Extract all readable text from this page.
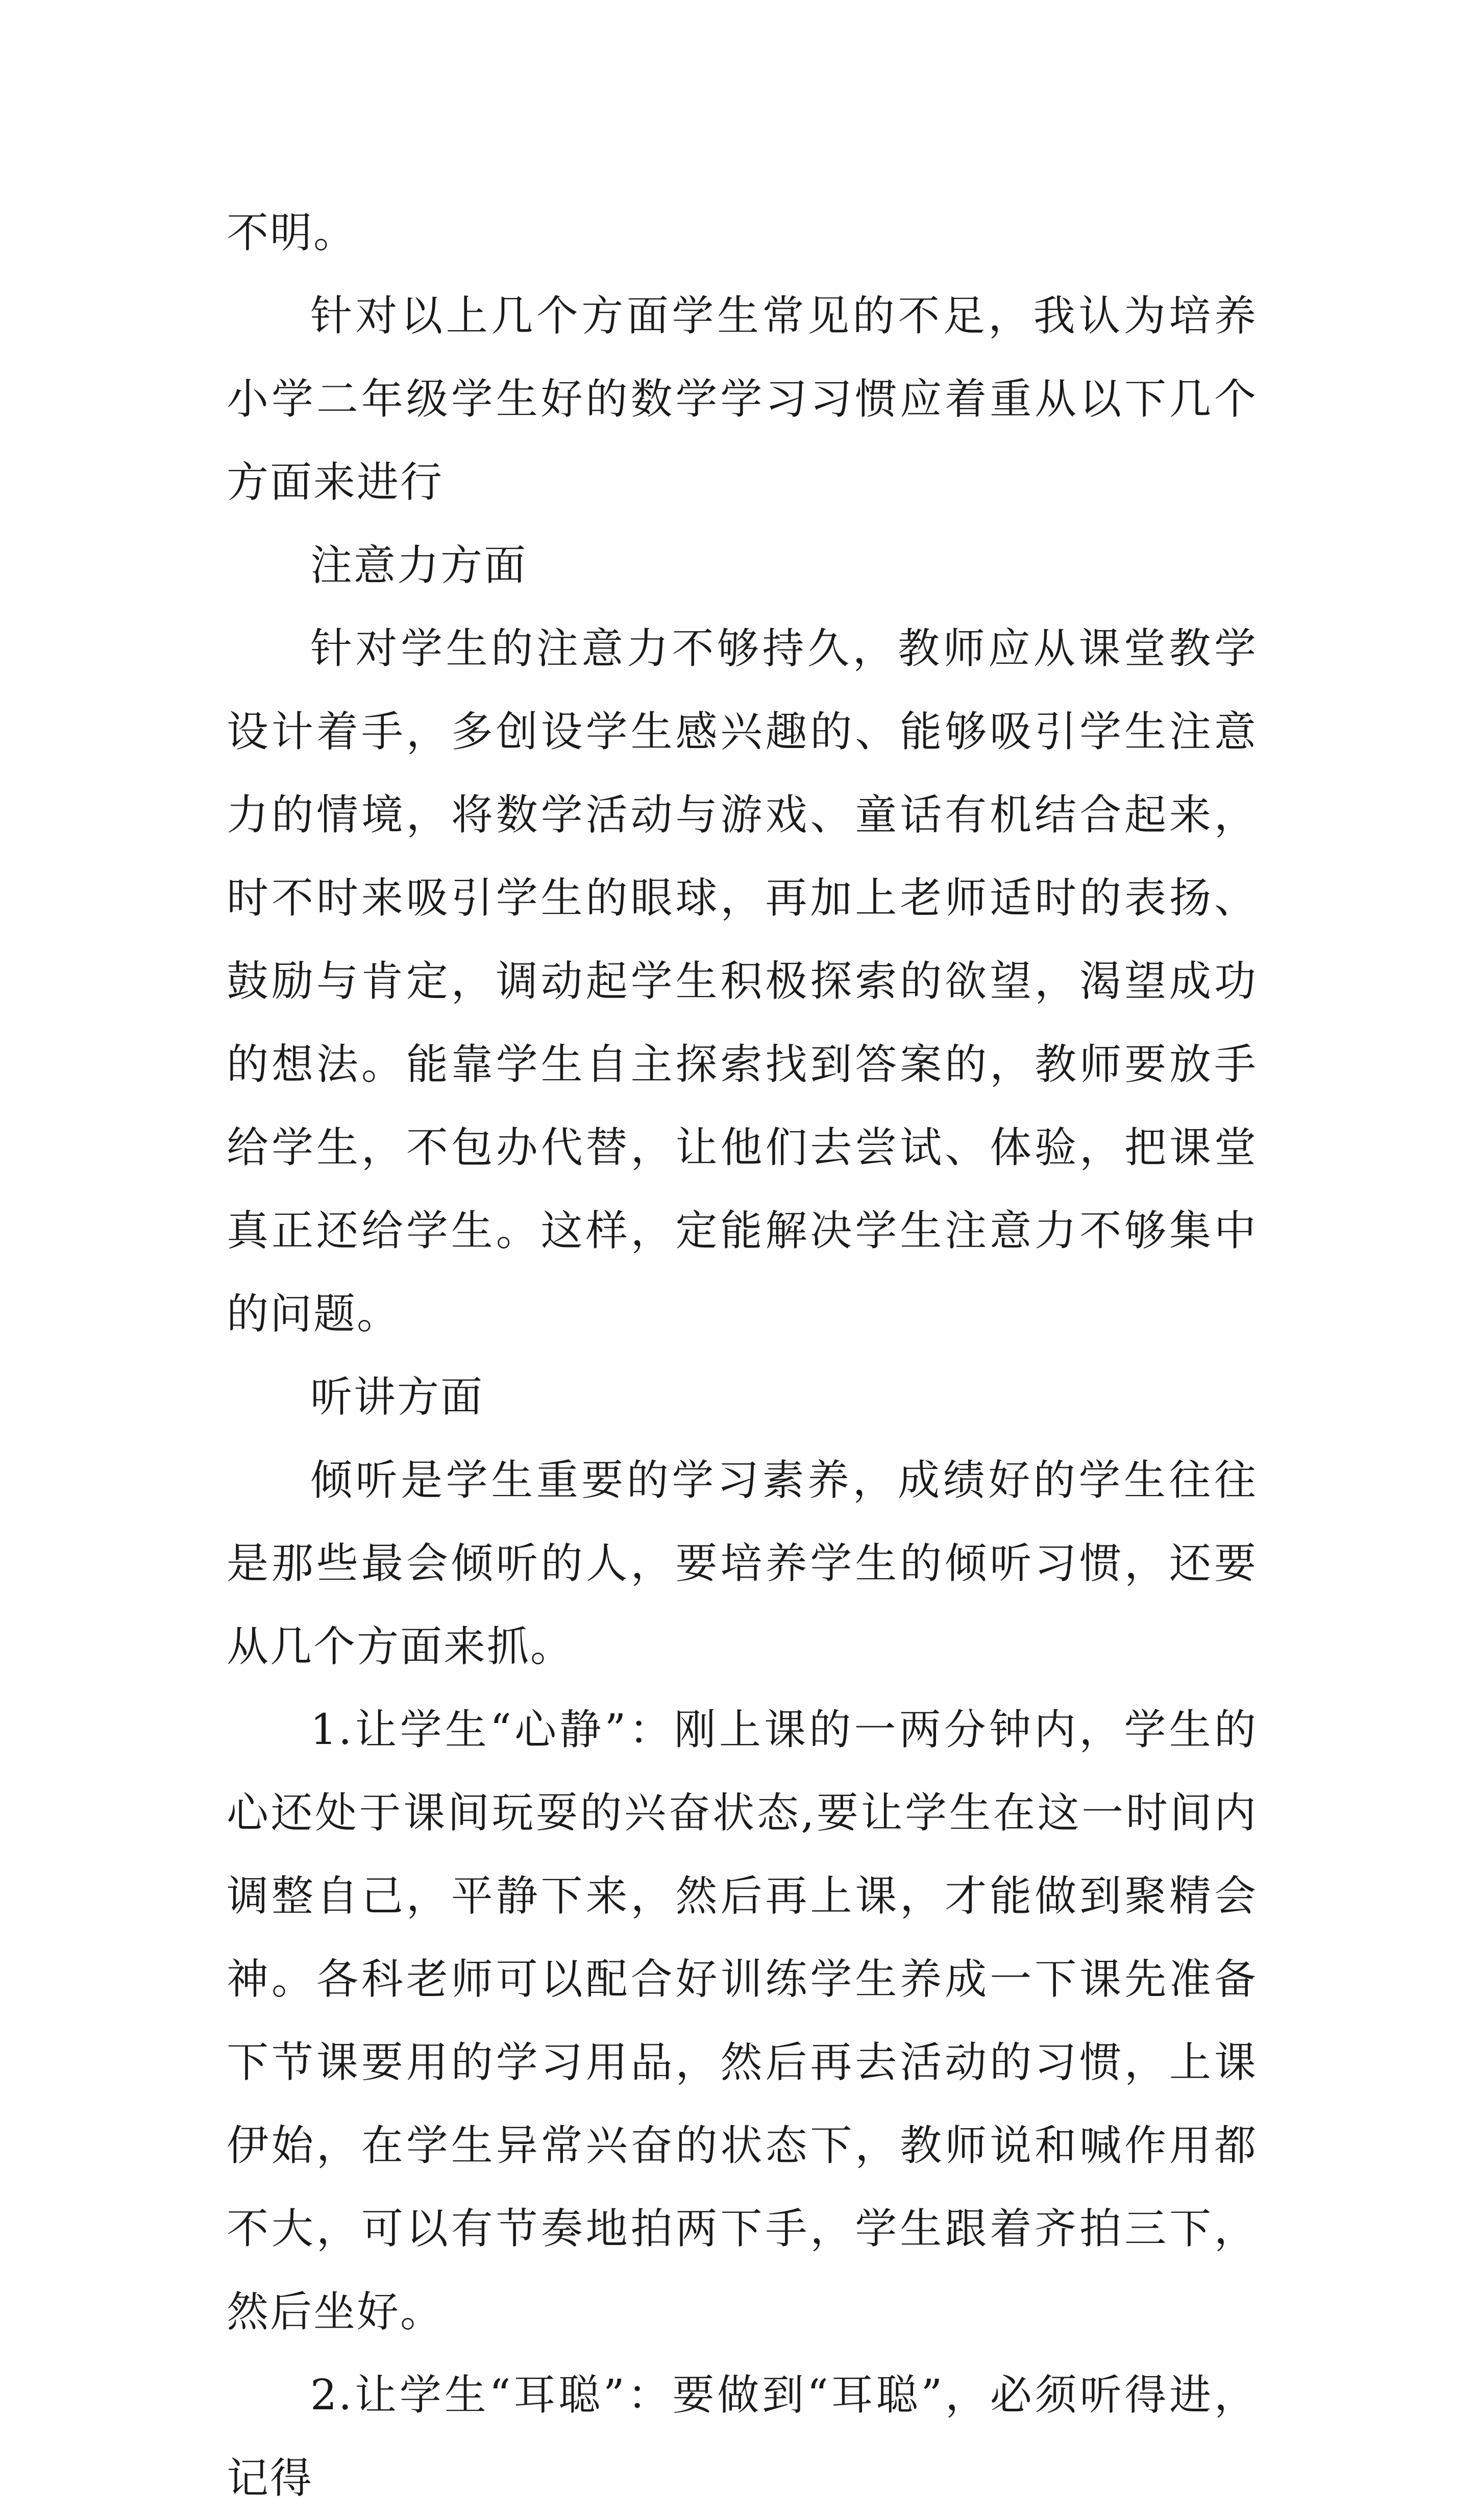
不明。

针对以上几个方面学生常见的不足，我认为培养小学二年级学生好的数学学习习惯应着重从以下几个方面来进行

注意力方面

针对学生的注意力不够持久，教师应从课堂教学设计着手，多创设学生感兴趣的、能够吸引学生注意力的情境，将数学活动与游戏、童话有机结合起来，时不时来吸引学生的眼球，再加上老师适时的表扬、鼓励与肯定，调动起学生积极探索的欲望，渴望成功的想法。能靠学生自主探索找到答案的，教师要放手给学生，不包办代替，让他们去尝试、体验，把课堂真正还给学生。这样，定能解决学生注意力不够集中的问题。

听讲方面

倾听是学生重要的学习素养，成绩好的学生往往是那些最会倾听的人，要培养学生的倾听习惯，还要从几个方面来抓。

1.让学生“心静”：刚上课的一两分钟内，学生的心还处于课间玩耍的兴奋状态,要让学生在这一时间内调整自己，平静下来，然后再上课，才能做到聚精会神。各科老师可以配合好训练学生养成一下课先准备下节课要用的学习用品，然后再去活动的习惯，上课伊始，在学生异常兴奋的状态下，教师说和喊作用都不大，可以有节奏地拍两下手，学生跟着齐拍三下，然后坐好。

2.让学生“耳聪”：要做到“耳聪”，必须听得进，记得
